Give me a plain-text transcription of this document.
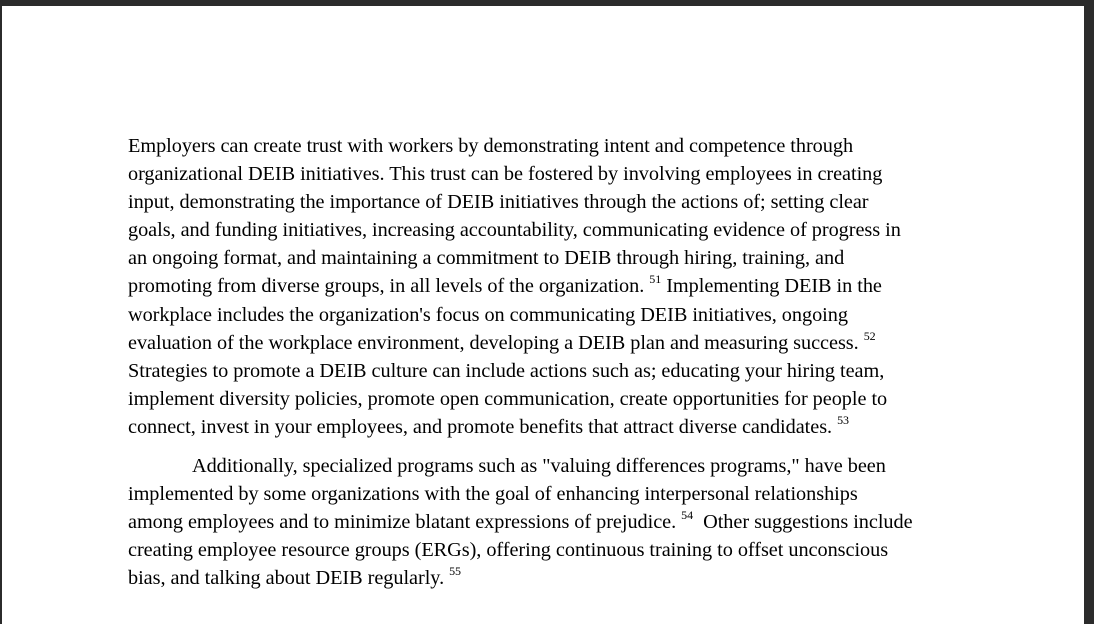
Employers can create trust with workers by demonstrating intent and competence through
organizational DEIB initiatives. This trust can be fostered by involving employees in creating
input, demonstrating the importance of DEIB initiatives through the actions of; setting clear
goals, and funding initiatives, increasing accountability, communicating evidence of progress in
an ongoing format, and maintaining a commitment to DEIB through hiring, training, and
promoting from diverse groups, in all levels of the organization. $^{51}$ Implementing DEIB in the
workplace includes the organization's focus on communicating DEIB initiatives, ongoing
evaluation of the workplace environment, developing a DEIB plan and measuring success. $^{52}$
Strategies to promote a DEIB culture can include actions such as; educating your hiring team,
implement diversity policies, promote open communication, create opportunities for people to
connect, invest in your employees, and promote benefits that attract diverse candidates. $^{53}$
Additionally, specialized programs such as "valuing differences programs," have been
implemented by some organizations with the goal of enhancing interpersonal relationships
among employees and to minimize blatant expressions of prejudice. $^{54}$  Other suggestions include
creating employee resource groups (ERGs), offering continuous training to offset unconscious
bias, and talking about DEIB regularly. $^{55}$
